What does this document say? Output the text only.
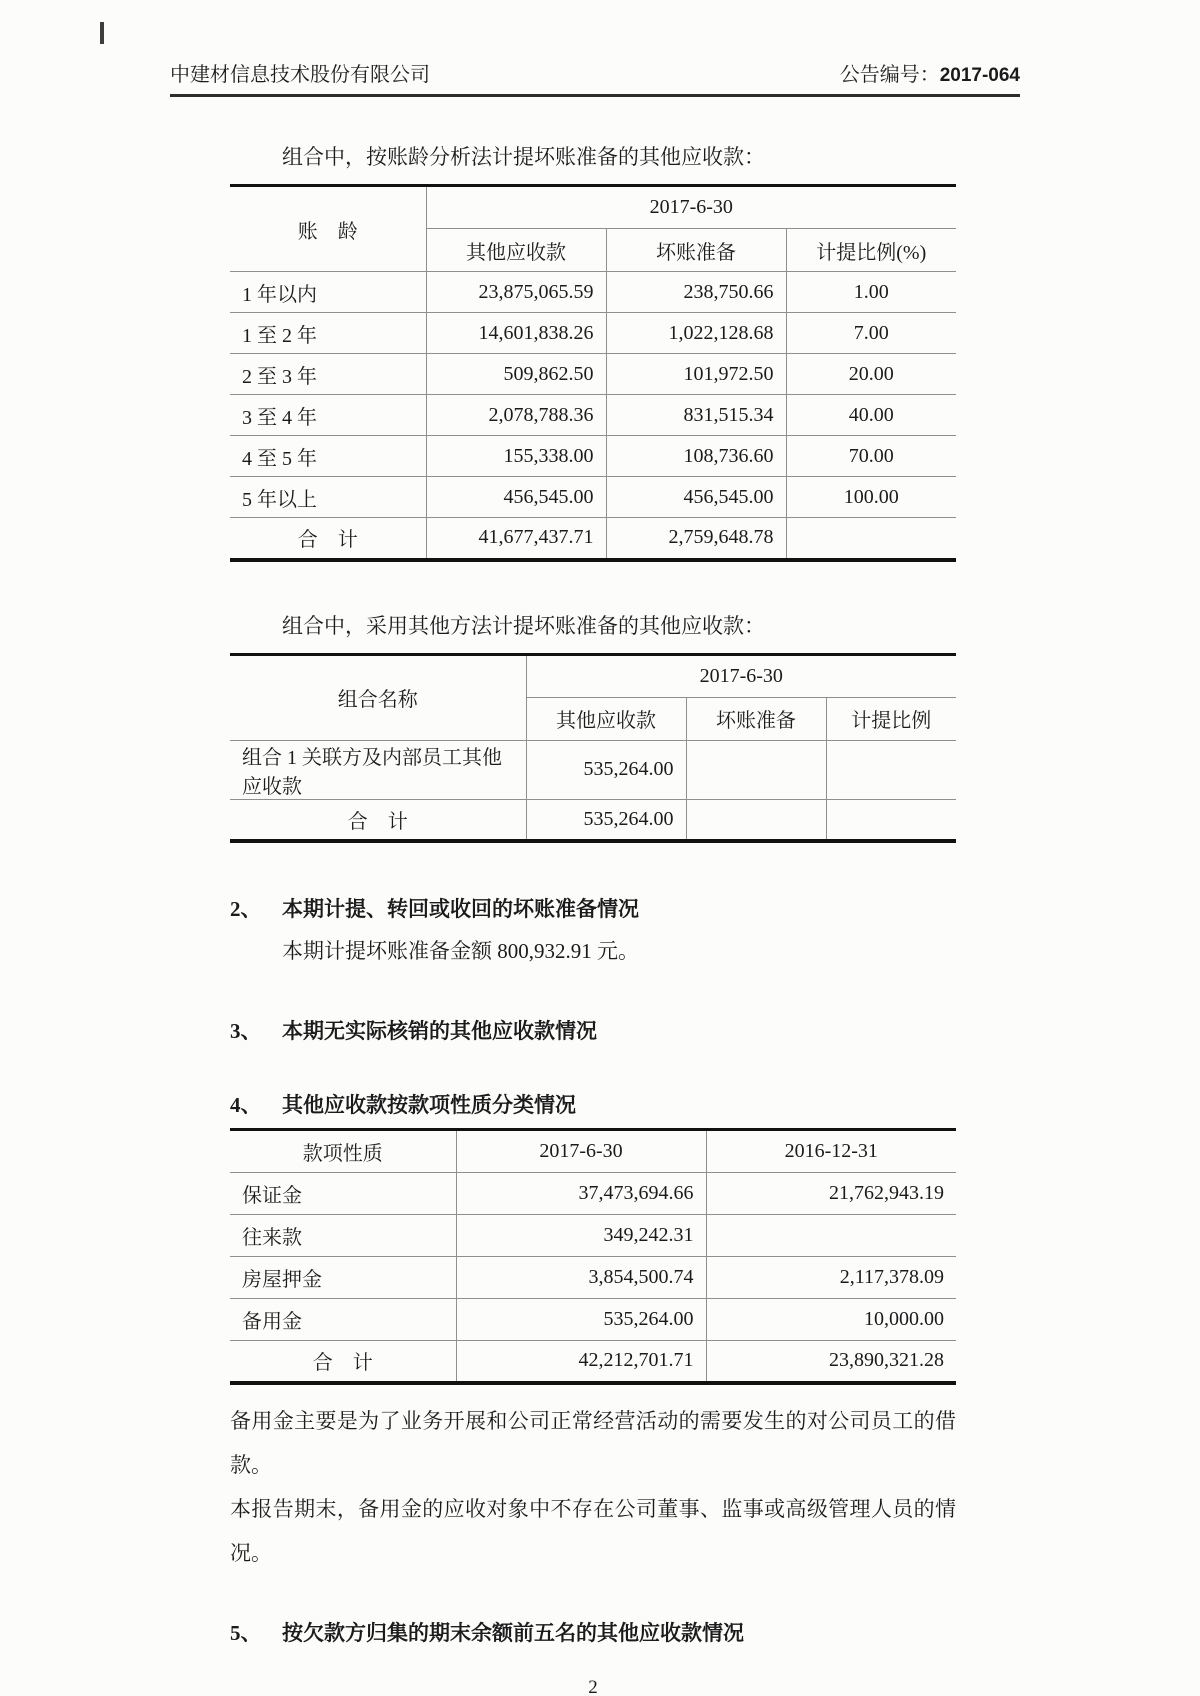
中建材信息技术股份有限公司	公告编号：2017-064

组合中，按账龄分析法计提坏账准备的其他应收款：

账　龄	2017-6-30		
	其他应收款	坏账准备	计提比例(%)
1 年以内	23,875,065.59	238,750.66	1.00
1 至 2 年	14,601,838.26	1,022,128.68	7.00
2 至 3 年	509,862.50	101,972.50	20.00
3 至 4 年	2,078,788.36	831,515.34	40.00
4 至 5 年	155,338.00	108,736.60	70.00
5 年以上	456,545.00	456,545.00	100.00
合　计	41,677,437.71	2,759,648.78	

组合中，采用其他方法计提坏账准备的其他应收款：

组合名称	2017-6-30		
	其他应收款	坏账准备	计提比例
组合 1 关联方及内部员工其他应收款	535,264.00		
合　计	535,264.00		
2、 本期计提、转回或收回的坏账准备情况

本期计提坏账准备金额 800,932.91 元。

3、 本期无实际核销的其他应收款情况
4、 其他应收款按款项性质分类情况
款项性质	2017-6-30	2016-12-31
保证金	37,473,694.66	21,762,943.19
往来款	349,242.31	
房屋押金	3,854,500.74	2,117,378.09
备用金	535,264.00	10,000.00
合　计	42,212,701.71	23,890,321.28

备用金主要是为了业务开展和公司正常经营活动的需要发生的对公司员工的借款。
本报告期末，备用金的应收对象中不存在公司董事、监事或高级管理人员的情况。

5、 按欠款方归集的期末余额前五名的其他应收款情况
2
